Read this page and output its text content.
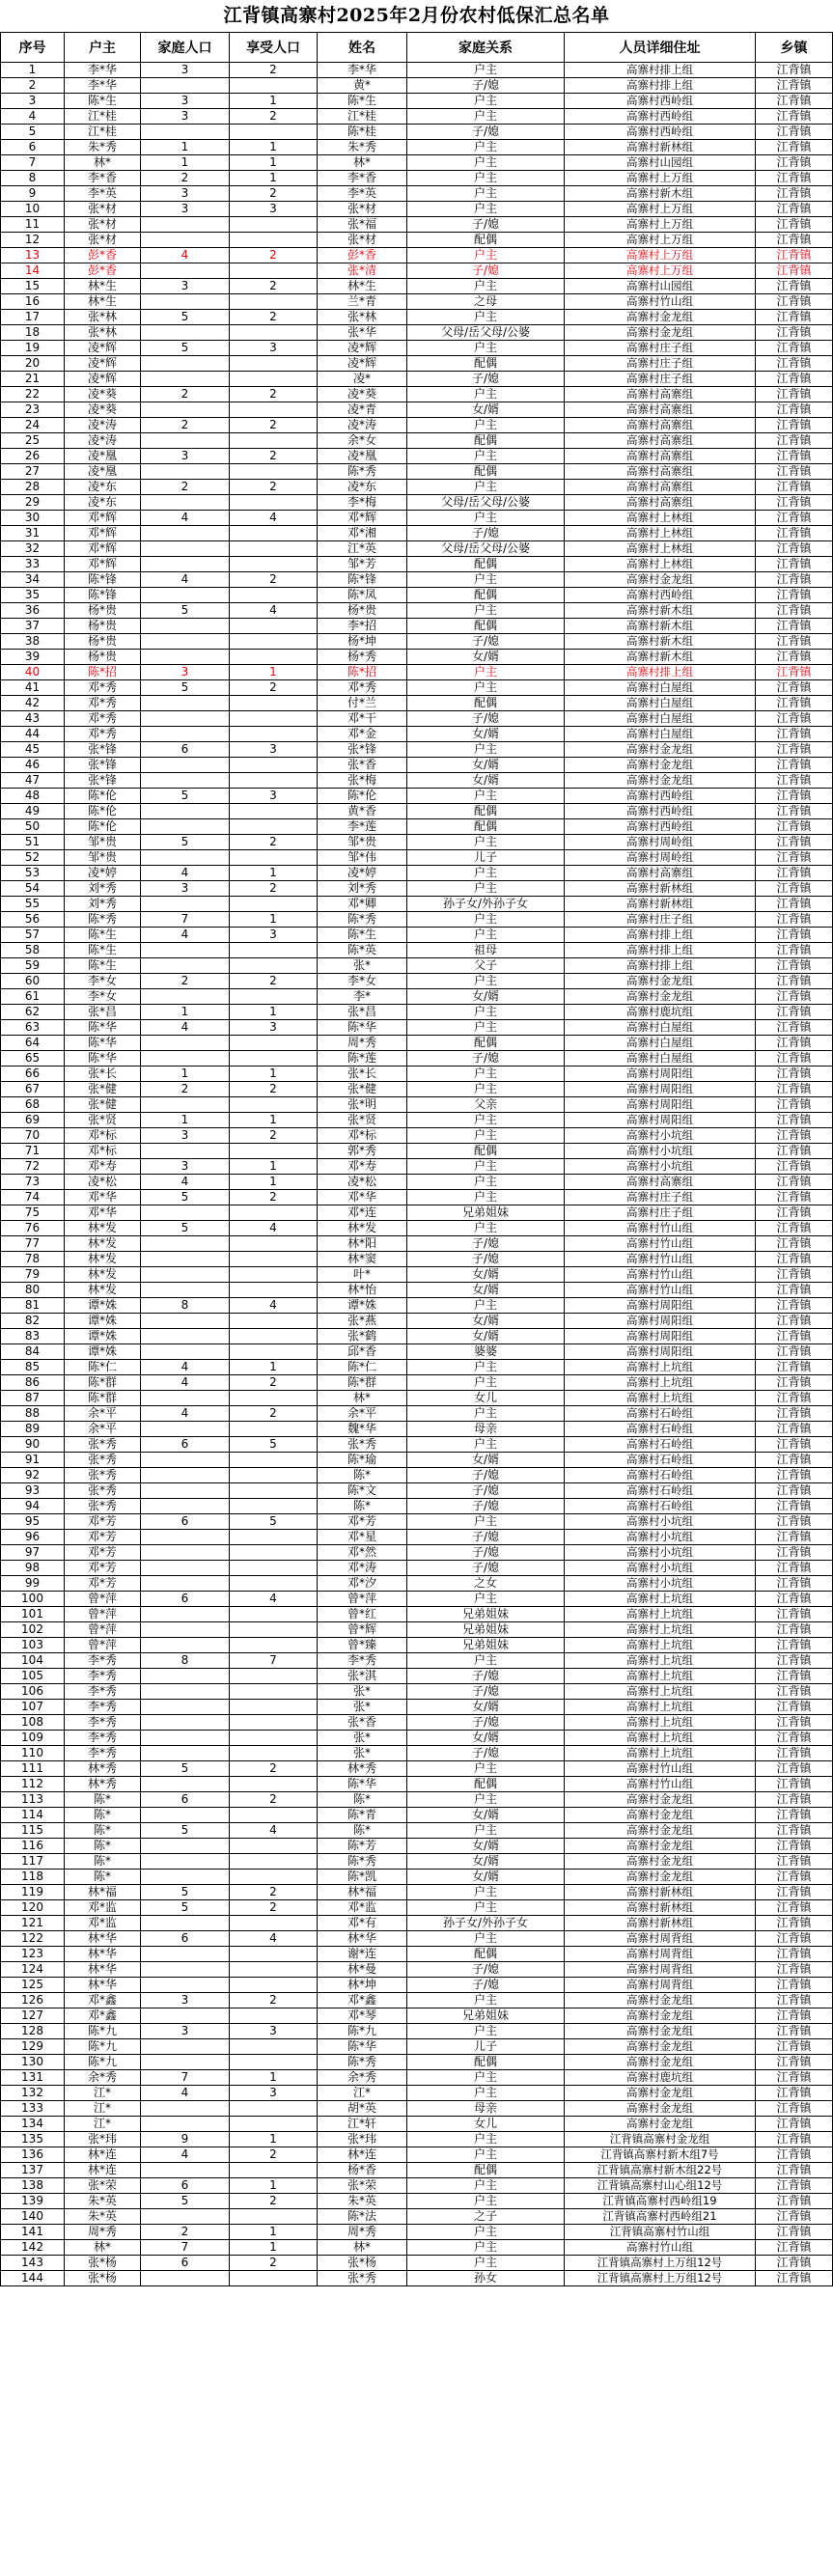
江背镇高寨村2025年2月份农村低保汇总名单
序号	户主	家庭人口	享受人口	姓名	家庭关系	人员详细住址	乡镇
1	李*华	3	2	李*华	户主	高寨村排上组	江背镇
2	李*华			黄*	子/媳	高寨村排上组	江背镇
3	陈*生	3	1	陈*生	户主	高寨村西岭组	江背镇
4	江*桂	3	2	江*桂	户主	高寨村西岭组	江背镇
5	江*桂			陈*桂	子/媳	高寨村西岭组	江背镇
6	朱*秀	1	1	朱*秀	户主	高寨村新林组	江背镇
7	林*	1	1	林*	户主	高寨村山园组	江背镇
8	李*香	2	1	李*香	户主	高寨村上万组	江背镇
9	李*英	3	2	李*英	户主	高寨村新木组	江背镇
10	张*材	3	3	张*材	户主	高寨村上万组	江背镇
11	张*材			张*福	子/媳	高寨村上万组	江背镇
12	张*材			张*材	配偶	高寨村上万组	江背镇
13	彭*香	4	2	彭*香	户主	高寨村上万组	江背镇
14	彭*香			张*清	子/媳	高寨村上万组	江背镇
15	林*生	3	2	林*生	户主	高寨村山园组	江背镇
16	林*生			兰*青	之母	高寨村竹山组	江背镇
17	张*林	5	2	张*林	户主	高寨村金龙组	江背镇
18	张*林			张*华	父母/岳父母/公婆	高寨村金龙组	江背镇
19	凌*辉	5	3	凌*辉	户主	高寨村庄子组	江背镇
20	凌*辉			凌*辉	配偶	高寨村庄子组	江背镇
21	凌*辉			凌*	子/媳	高寨村庄子组	江背镇
22	凌*葵	2	2	凌*葵	户主	高寨村高寨组	江背镇
23	凌*葵			凌*青	女/婿	高寨村高寨组	江背镇
24	凌*涛	2	2	凌*涛	户主	高寨村高寨组	江背镇
25	凌*涛			余*女	配偶	高寨村高寨组	江背镇
26	凌*凰	3	2	凌*凰	户主	高寨村高寨组	江背镇
27	凌*凰			陈*秀	配偶	高寨村高寨组	江背镇
28	凌*东	2	2	凌*东	户主	高寨村高寨组	江背镇
29	凌*东			李*梅	父母/岳父母/公婆	高寨村高寨组	江背镇
30	邓*辉	4	4	邓*辉	户主	高寨村上林组	江背镇
31	邓*辉			邓*湘	子/媳	高寨村上林组	江背镇
32	邓*辉			江*英	父母/岳父母/公婆	高寨村上林组	江背镇
33	邓*辉			邹*芳	配偶	高寨村上林组	江背镇
34	陈*锋	4	2	陈*锋	户主	高寨村金龙组	江背镇
35	陈*锋			陈*凤	配偶	高寨村西岭组	江背镇
36	杨*贵	5	4	杨*贵	户主	高寨村新木组	江背镇
37	杨*贵			李*招	配偶	高寨村新木组	江背镇
38	杨*贵			杨*坤	子/媳	高寨村新木组	江背镇
39	杨*贵			杨*秀	女/婿	高寨村新木组	江背镇
40	陈*招	3	1	陈*招	户主	高寨村排上组	江背镇
41	邓*秀	5	2	邓*秀	户主	高寨村白屋组	江背镇
42	邓*秀			付*兰	配偶	高寨村白屋组	江背镇
43	邓*秀			邓*干	子/媳	高寨村白屋组	江背镇
44	邓*秀			邓*金	女/婿	高寨村白屋组	江背镇
45	张*锋	6	3	张*锋	户主	高寨村金龙组	江背镇
46	张*锋			张*香	女/婿	高寨村金龙组	江背镇
47	张*锋			张*梅	女/婿	高寨村金龙组	江背镇
48	陈*伦	5	3	陈*伦	户主	高寨村西岭组	江背镇
49	陈*伦			黄*香	配偶	高寨村西岭组	江背镇
50	陈*伦			李*莲	配偶	高寨村西岭组	江背镇
51	邹*贵	5	2	邹*贵	户主	高寨村周岭组	江背镇
52	邹*贵			邹*伟	儿子	高寨村周岭组	江背镇
53	凌*婷	4	1	凌*婷	户主	高寨村高寨组	江背镇
54	刘*秀	3	2	刘*秀	户主	高寨村新林组	江背镇
55	刘*秀			邓*卿	孙子女/外孙子女	高寨村新林组	江背镇
56	陈*秀	7	1	陈*秀	户主	高寨村庄子组	江背镇
57	陈*生	4	3	陈*生	户主	高寨村排上组	江背镇
58	陈*生			陈*英	祖母	高寨村排上组	江背镇
59	陈*生			张*	父子	高寨村排上组	江背镇
60	李*女	2	2	李*女	户主	高寨村金龙组	江背镇
61	李*女			李*	女/婿	高寨村金龙组	江背镇
62	张*昌	1	1	张*昌	户主	高寨村鹿坑组	江背镇
63	陈*华	4	3	陈*华	户主	高寨村白屋组	江背镇
64	陈*华			周*秀	配偶	高寨村白屋组	江背镇
65	陈*华			陈*莲	子/媳	高寨村白屋组	江背镇
66	张*长	1	1	张*长	户主	高寨村周阳组	江背镇
67	张*健	2	2	张*健	户主	高寨村周阳组	江背镇
68	张*健			张*明	父亲	高寨村周阳组	江背镇
69	张*贤	1	1	张*贤	户主	高寨村周阳组	江背镇
70	邓*标	3	2	邓*标	户主	高寨村小坑组	江背镇
71	邓*标			郭*秀	配偶	高寨村小坑组	江背镇
72	邓*寿	3	1	邓*寿	户主	高寨村小坑组	江背镇
73	凌*松	4	1	凌*松	户主	高寨村高寨组	江背镇
74	邓*华	5	2	邓*华	户主	高寨村庄子组	江背镇
75	邓*华			邓*连	兄弟姐妹	高寨村庄子组	江背镇
76	林*发	5	4	林*发	户主	高寨村竹山组	江背镇
77	林*发			林*阳	子/媳	高寨村竹山组	江背镇
78	林*发			林*窦	子/媳	高寨村竹山组	江背镇
79	林*发			叶*	女/婿	高寨村竹山组	江背镇
80	林*发			林*怡	女/婿	高寨村竹山组	江背镇
81	谭*姝	8	4	谭*姝	户主	高寨村周阳组	江背镇
82	谭*姝			张*燕	女/婿	高寨村周阳组	江背镇
83	谭*姝			张*鹤	女/婿	高寨村周阳组	江背镇
84	谭*姝			邱*香	婆婆	高寨村周阳组	江背镇
85	陈*仁	4	1	陈*仁	户主	高寨村上坑组	江背镇
86	陈*群	4	2	陈*群	户主	高寨村上坑组	江背镇
87	陈*群			林*	女儿	高寨村上坑组	江背镇
88	余*平	4	2	余*平	户主	高寨村石岭组	江背镇
89	余*平			魏*华	母亲	高寨村石岭组	江背镇
90	张*秀	6	5	张*秀	户主	高寨村石岭组	江背镇
91	张*秀			陈*瑜	女/婿	高寨村石岭组	江背镇
92	张*秀			陈*	子/媳	高寨村石岭组	江背镇
93	张*秀			陈*文	子/媳	高寨村石岭组	江背镇
94	张*秀			陈*	子/媳	高寨村石岭组	江背镇
95	邓*芳	6	5	邓*芳	户主	高寨村小坑组	江背镇
96	邓*芳			邓*星	子/媳	高寨村小坑组	江背镇
97	邓*芳			邓*然	子/媳	高寨村小坑组	江背镇
98	邓*芳			邓*涛	子/媳	高寨村小坑组	江背镇
99	邓*芳			邓*汐	之女	高寨村小坑组	江背镇
100	曾*萍	6	4	曾*萍	户主	高寨村上坑组	江背镇
101	曾*萍			曾*红	兄弟姐妹	高寨村上坑组	江背镇
102	曾*萍			曾*辉	兄弟姐妹	高寨村上坑组	江背镇
103	曾*萍			曾*臻	兄弟姐妹	高寨村上坑组	江背镇
104	李*秀	8	7	李*秀	户主	高寨村上坑组	江背镇
105	李*秀			张*淇	子/媳	高寨村上坑组	江背镇
106	李*秀			张*	子/媳	高寨村上坑组	江背镇
107	李*秀			张*	女/婿	高寨村上坑组	江背镇
108	李*秀			张*香	子/媳	高寨村上坑组	江背镇
109	李*秀			张*	女/婿	高寨村上坑组	江背镇
110	李*秀			张*	子/媳	高寨村上坑组	江背镇
111	林*秀	5	2	林*秀	户主	高寨村竹山组	江背镇
112	林*秀			陈*华	配偶	高寨村竹山组	江背镇
113	陈*	6	2	陈*	户主	高寨村金龙组	江背镇
114	陈*			陈*青	女/婿	高寨村金龙组	江背镇
115	陈*	5	4	陈*	户主	高寨村金龙组	江背镇
116	陈*			陈*芳	女/婿	高寨村金龙组	江背镇
117	陈*			陈*秀	女/婿	高寨村金龙组	江背镇
118	陈*			陈*凯	女/婿	高寨村金龙组	江背镇
119	林*福	5	2	林*福	户主	高寨村新林组	江背镇
120	邓*监	5	2	邓*监	户主	高寨村新林组	江背镇
121	邓*监			邓*有	孙子女/外孙子女	高寨村新林组	江背镇
122	林*华	6	4	林*华	户主	高寨村周背组	江背镇
123	林*华			谢*连	配偶	高寨村周背组	江背镇
124	林*华			林*曼	子/媳	高寨村周背组	江背镇
125	林*华			林*坤	子/媳	高寨村周背组	江背镇
126	邓*鑫	3	2	邓*鑫	户主	高寨村金龙组	江背镇
127	邓*鑫			邓*琴	兄弟姐妹	高寨村金龙组	江背镇
128	陈*九	3	3	陈*九	户主	高寨村金龙组	江背镇
129	陈*九			陈*华	儿子	高寨村金龙组	江背镇
130	陈*九			陈*秀	配偶	高寨村金龙组	江背镇
131	余*秀	7	1	余*秀	户主	高寨村鹿坑组	江背镇
132	江*	4	3	江*	户主	高寨村金龙组	江背镇
133	江*			胡*英	母亲	高寨村金龙组	江背镇
134	江*			江*轩	女儿	高寨村金龙组	江背镇
135	张*玮	9	1	张*玮	户主	江背镇高寨村金龙组	江背镇
136	林*连	4	2	林*连	户主	江背镇高寨村新木组7号	江背镇
137	林*连			杨*香	配偶	江背镇高寨村新木组22号	江背镇
138	张*荣	6	1	张*荣	户主	江背镇高寨村山心组12号	江背镇
139	朱*英	5	2	朱*英	户主	江背镇高寨村西岭组19	江背镇
140	朱*英			陈*法	之子	江背镇高寨村西岭组21	江背镇
141	周*秀	2	1	周*秀	户主	江背镇高寨村竹山组	江背镇
142	林*	7	1	林*	户主	高寨村竹山组	江背镇
143	张*杨	6	2	张*杨	户主	江背镇高寨村上万组12号	江背镇
144	张*杨			张*秀	孙女	江背镇高寨村上万组12号	江背镇
